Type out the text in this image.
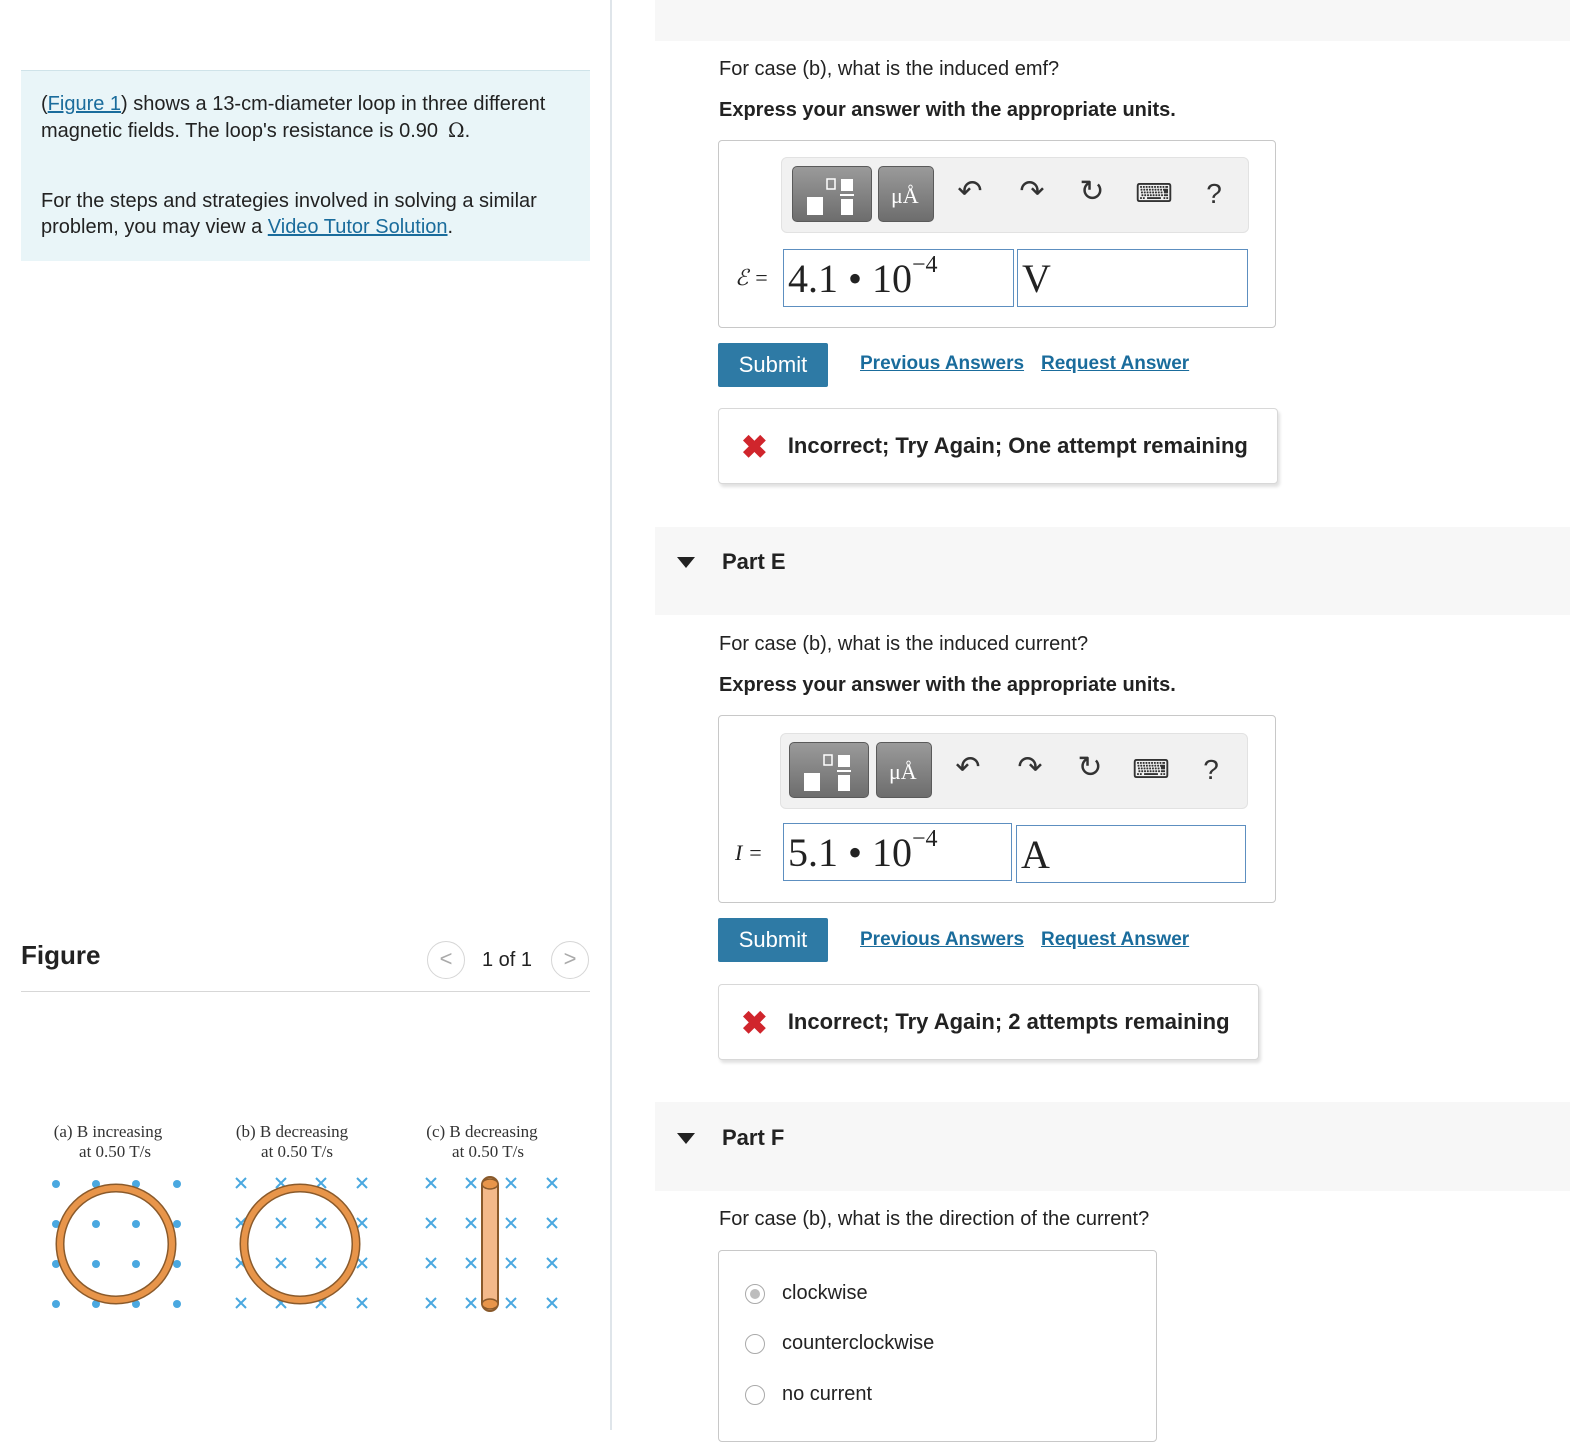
(Figure 1) shows a 13-cm-diameter loop in three different magnetic fields. The loop's resistance is 0.90 Ω.

For the steps and strategies involved in solving a similar problem, you may view a Video Tutor Solution.

Figure	<	1 of 1	>
(a) B increasing
at 0.50 T/s
(b) B decreasing
at 0.50 T/s
(c) B decreasing
at 0.50 T/s
For case (b), what is the induced emf?
Express your answer with the appropriate units.
μÅ ↶ ↷ ↻ ⌨	?
ℰ = 4.1 • $10^{-4}$	V
Submit	Previous Answers Request Answer
✖ Incorrect; Try Again; One attempt remaining
Part E
For case (b), what is the induced current?
Express your answer with the appropriate units.
μÅ ↶ ↷ ↻ ⌨	?
I = 5.1 • $10^{-4}$	A
Submit	Previous Answers Request Answer
✖ Incorrect; Try Again; 2 attempts remaining
Part F
For case (b), what is the direction of the current?
clockwise
counterclockwise
no current
